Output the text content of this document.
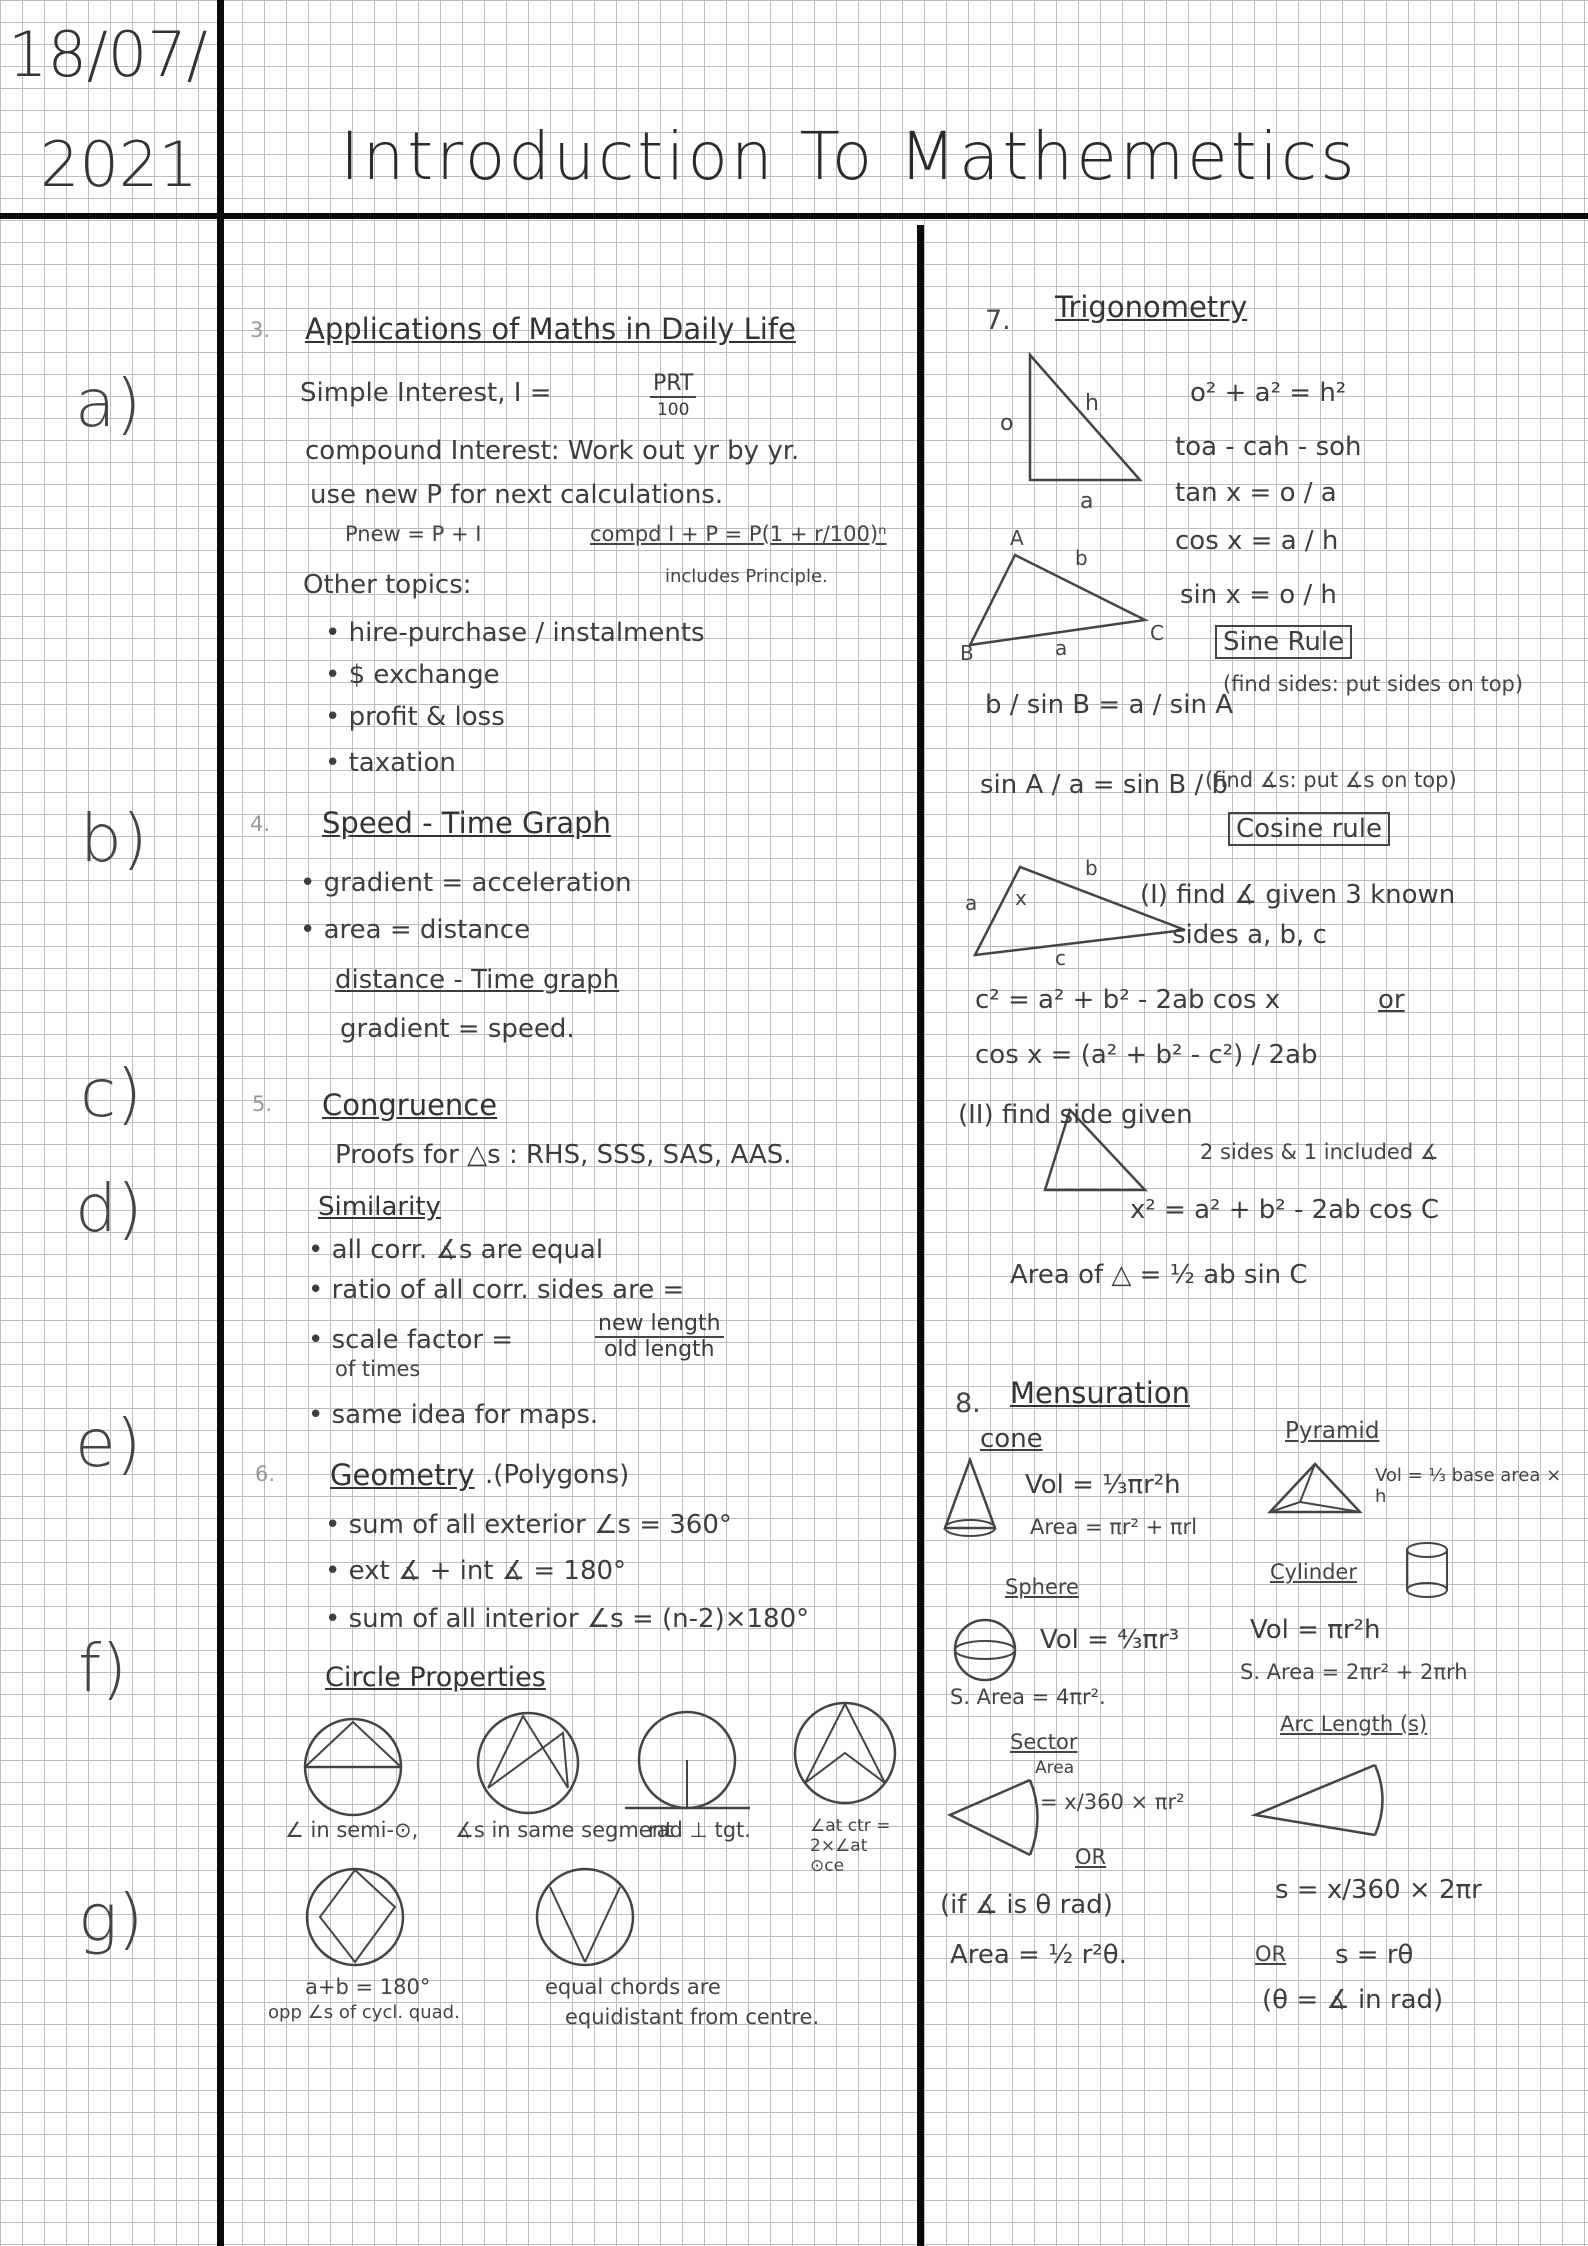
18/07/
2021 Introduction To Mathemetics
a)
b)
c)
d)
e)
f)
g)
3. Applications of Maths in Daily Life
Simple Interest, I =	$\frac{\text{PRT}}{100}$
compound Interest: Work out yr by yr.
use new P for next calculations.
Pnew = P + I	compd I + P = P(1 + r/100)ⁿ
includes Principle.
Other topics:
• hire-purchase / instalments
• $ exchange
• profit & loss
• taxation
4. Speed - Time Graph
• gradient = acceleration
• area = distance
distance - Time graph
gradient = speed.
5. Congruence
Proofs for △s : RHS, SSS, SAS, AAS.
Similarity
• all corr. ∡s are equal
• ratio of all corr. sides are =
• scale factor =
of times
$\frac{\text{new length}}{\text{old length}}$
• same idea for maps.
6. Geometry .(Polygons)
• sum of all exterior ∠s = 360°
• ext ∡ + int ∡ = 180°
• sum of all interior ∠s = (n-2)×180°
Circle Properties
∠ in semi-⊙, ∡s in same segment
rad ⊥ tgt.	∠at ctr = 2×∠at ⊙ce
a+b = 180°
opp ∠s of cycl. quad.
equal chords are
equidistant from centre.
7. Trigonometry
o
h
a
o² + a² = h²
toa - cah - soh
tan x = o / a
cos x = a / h
sin x = o / h
A
b
B
C
a	Sine Rule
(find sides: put sides on top)
b / sin B = a / sin A
sin A / a = sin B / b
(find ∡s: put ∡s on top)
Cosine rule
a x
b
c
(I) find ∡ given 3 known
sides a, b, c
c² = a² + b² - 2ab cos x	or
cos x = (a² + b² - c²) / 2ab
(II) find side given
2 sides & 1 included ∡
x² = a² + b² - 2ab cos C
Area of △ = ½ ab sin C
8. Mensuration
cone
Vol = ⅓πr²h
Area = πr² + πrl
Pyramid
Vol = ⅓ base area × h
Sphere
Vol = ⁴⁄₃πr³
S. Area = 4πr².
Cylinder
Vol = πr²h
S. Area = 2πr² + 2πrh
Sector
Area
= x/360 × πr²
OR
(if ∡ is θ rad)
Area = ½ r²θ.
Arc Length (s)
s = x/360 × 2πr
OR s = rθ
(θ = ∡ in rad)
